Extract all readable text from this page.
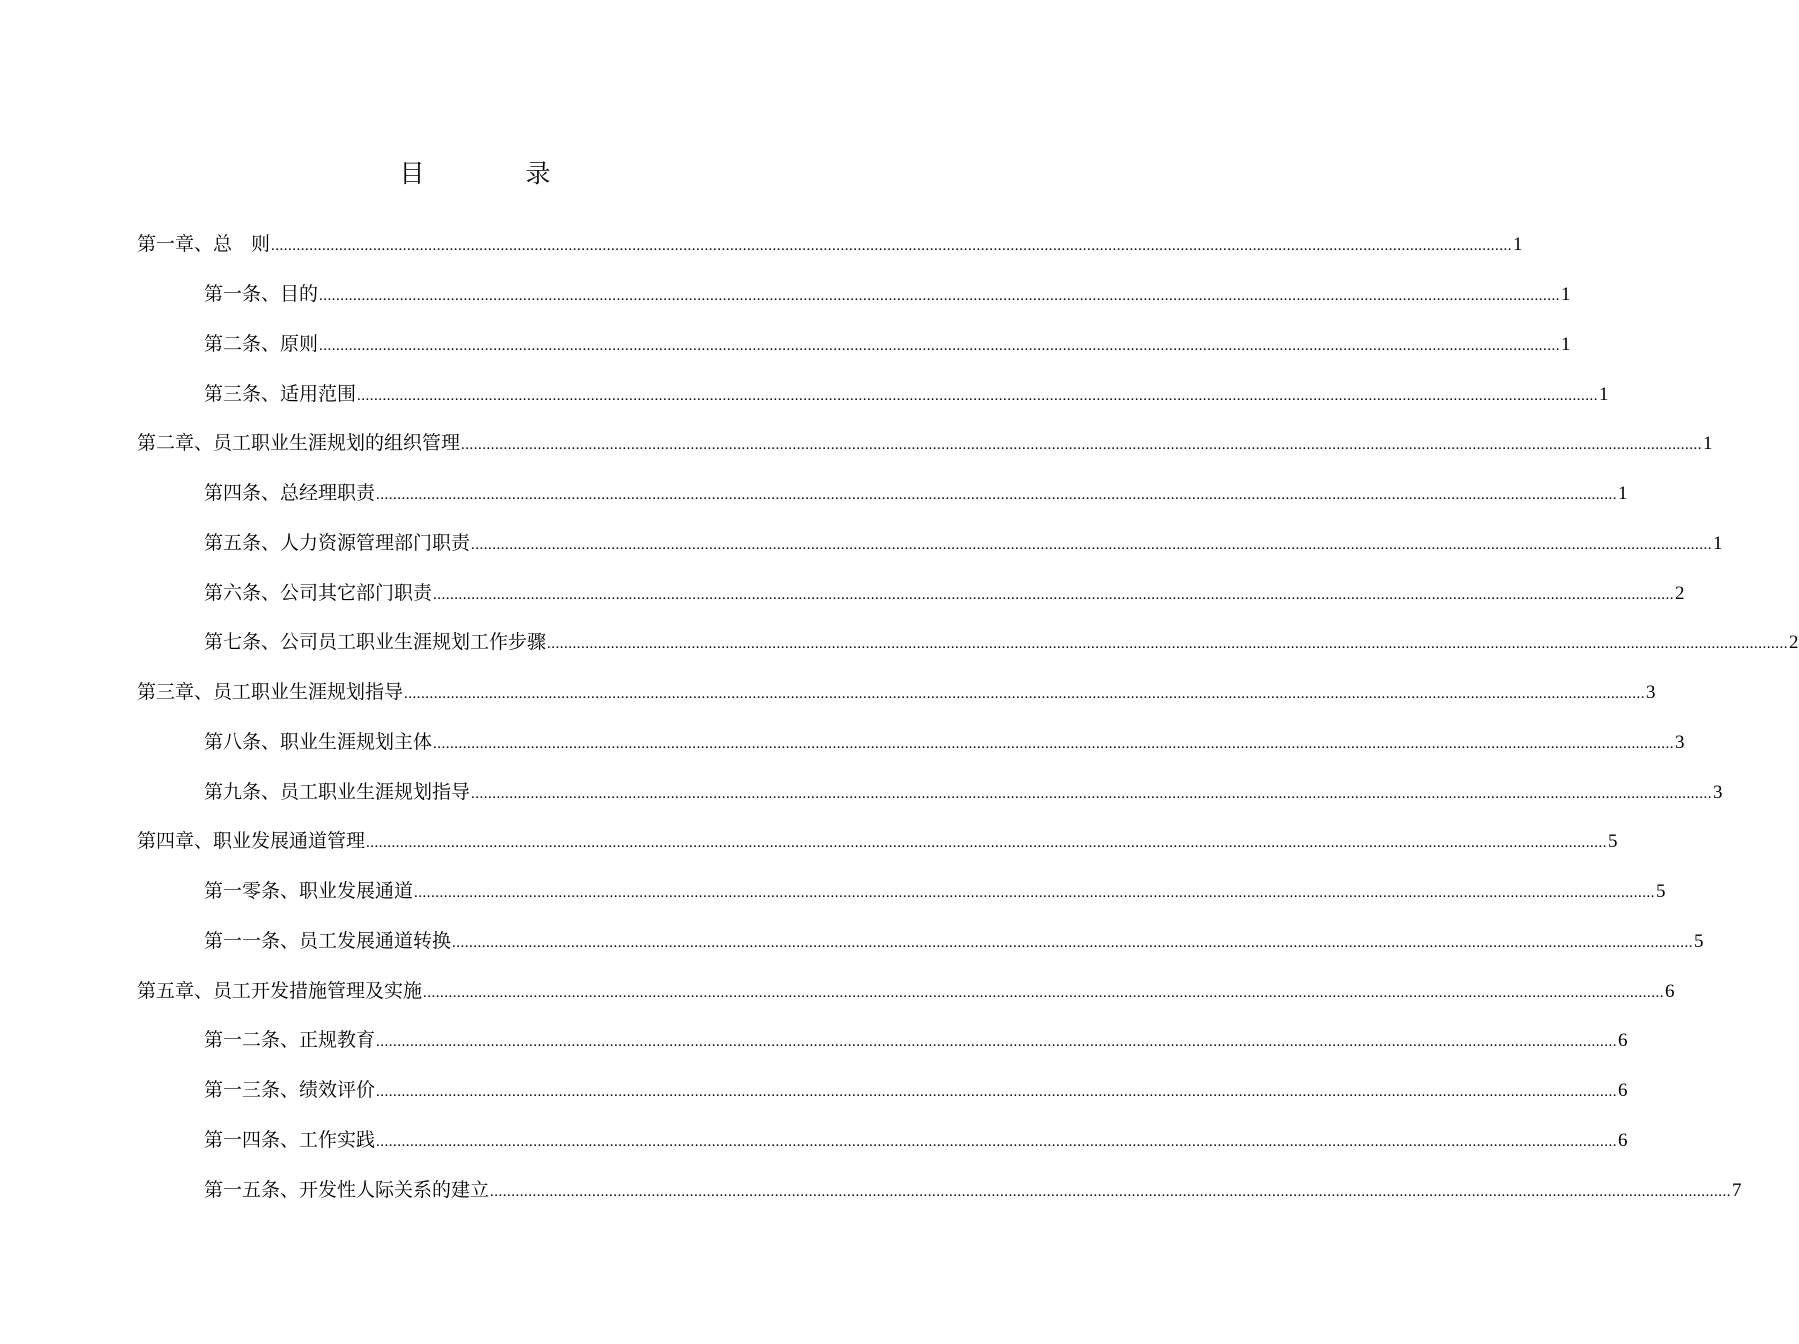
目　录
第一章、 总　则 .....	1
第一条、 目的 .....	1
第二条、 原则 .....	1
第三条、 适用范围 .....	1
第二章、 员工职业生涯规划的组织管理 .....	1
第四条、 总经理职责 .....	1
第五条、 人力资源管理部门职责 .....	1
第六条、 公司其它部门职责 .....	2
第七条、 公司员工职业生涯规划工作步骤 .....	2
第三章、 员工职业生涯规划指导 .....	3
第八条、 职业生涯规划主体 .....	3
第九条、 员工职业生涯规划指导 .....	3
第四章、 职业发展通道管理 .....	5
第一零条、 职业发展通道 .....	5
第一一条、 员工发展通道转换 .....	5
第五章、 员工开发措施管理及实施 .....	6
第一二条、 正规教育 .....	6
第一三条、 绩效评价 .....	6
第一四条、 工作实践 .....	6
第一五条、 开发性人际关系的建立 .....	7
